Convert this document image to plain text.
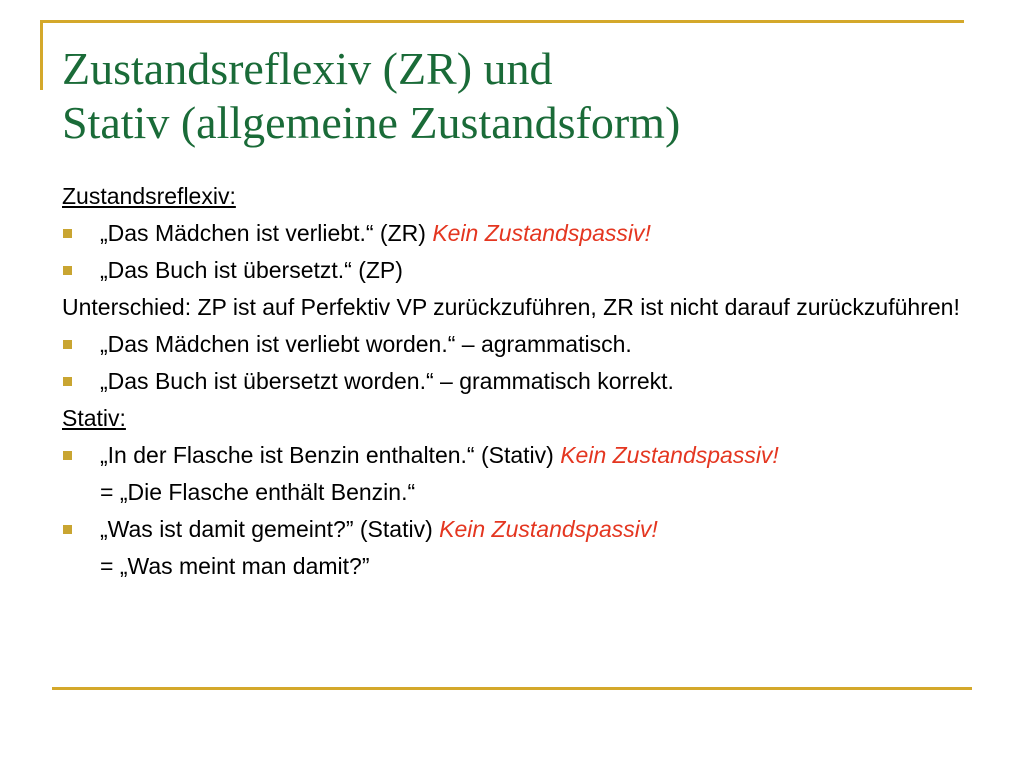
Zustandsreflexiv (ZR) und
Stativ (allgemeine Zustandsform)
Zustandsreflexiv:
„Das Mädchen ist verliebt.“ (ZR) Kein Zustandspassiv!
„Das Buch ist übersetzt.“ (ZP)
Unterschied: ZP ist auf Perfektiv VP zurückzuführen, ZR ist nicht darauf zurückzuführen!
„Das Mädchen ist verliebt worden.“ – agrammatisch.
„Das Buch ist übersetzt worden.“ – grammatisch korrekt.
Stativ:
„In der Flasche ist Benzin enthalten.“ (Stativ) Kein Zustandspassiv!
= „Die Flasche enthält Benzin.“
„Was ist damit gemeint?” (Stativ) Kein Zustandspassiv!
= „Was meint man damit?”
